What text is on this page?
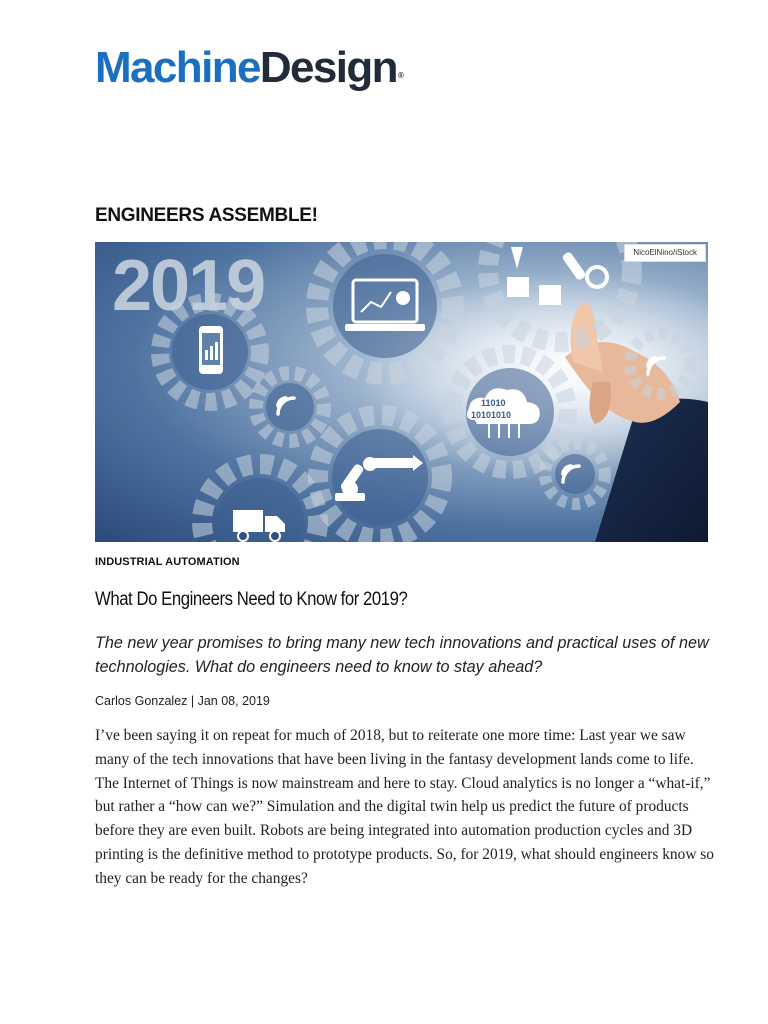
MachineDesign®
ENGINEERS ASSEMBLE!
2019
11010
10101010
NicoElNino/iStock
INDUSTRIAL AUTOMATION
What Do Engineers Need to Know for 2019?
The new year promises to bring many new tech innovations and practical uses of new technologies. What do engineers need to know to stay ahead?
Carlos Gonzalez | Jan 08, 2019
I’ve been saying it on repeat for much of 2018, but to reiterate one more time: Last year we saw many of the tech innovations that have been living in the fantasy development lands come to life. The Internet of Things is now mainstream and here to stay. Cloud analytics is no longer a “what-if,” but rather a “how can we?” Simulation and the digital twin help us predict the future of products before they are even built. Robots are being integrated into automation production cycles and 3D printing is the definitive method to prototype products. So, for 2019, what should engineers know so they can be ready for the changes?
